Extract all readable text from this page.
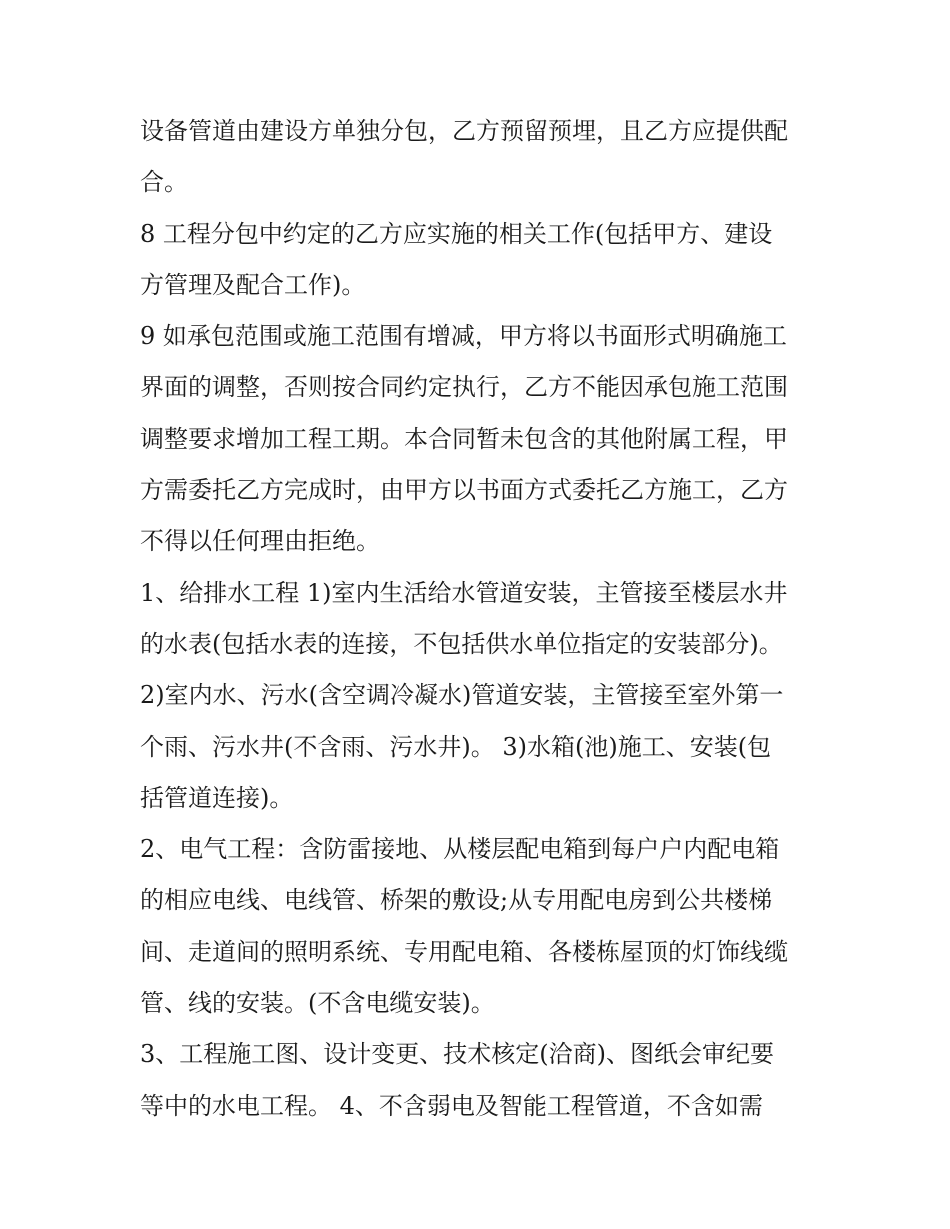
设备管道由建设方单独分包，乙方预留预埋，且乙方应提供配
合。
8 工程分包中约定的乙方应实施的相关工作(包括甲方、建设
方管理及配合工作)。
9 如承包范围或施工范围有增减，甲方将以书面形式明确施工
界面的调整，否则按合同约定执行，乙方不能因承包施工范围
调整要求增加工程工期。本合同暂未包含的其他附属工程，甲
方需委托乙方完成时，由甲方以书面方式委托乙方施工，乙方
不得以任何理由拒绝。
1、给排水工程 1)室内生活给水管道安装，主管接至楼层水井
的水表(包括水表的连接，不包括供水单位指定的安装部分)。
2)室内水、污水(含空调冷凝水)管道安装，主管接至室外第一
个雨、污水井(不含雨、污水井)。 3)水箱(池)施工、安装(包
括管道连接)。
2、电气工程：含防雷接地、从楼层配电箱到每户户内配电箱
的相应电线、电线管、桥架的敷设;从专用配电房到公共楼梯
间、走道间的照明系统、专用配电箱、各楼栋屋顶的灯饰线缆
管、线的安装。(不含电缆安装)。
3、工程施工图、设计变更、技术核定(洽商)、图纸会审纪要
等中的水电工程。 4、不含弱电及智能工程管道，不含如需
